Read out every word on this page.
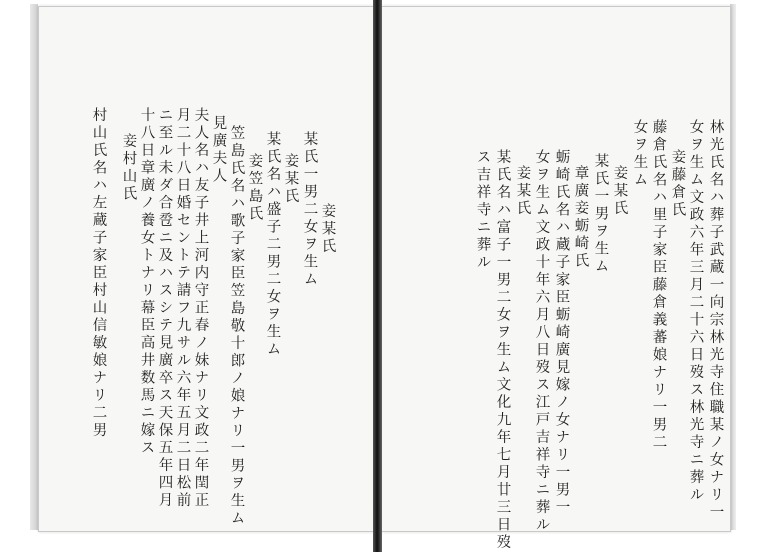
妾某氏
某氏一男二女ヲ生ム
妾某氏
某氏名ハ盛子二男二女ヲ生ム
妾笠島氏
笠島氏名ハ歌子家臣笠島敬十郎ノ娘ナリ一男ヲ生ム
見廣夫人
夫人名ハ友子井上河内守正春ノ妹ナリ文政二年閏正
月二十八日婚セントテ請フ九サル六年五月二日松前
ニ至ル未ダ合卺ニ及ハスシテ見廣卒ス天保五年四月
十八日章廣ノ養女トナリ幕臣高井数馬ニ嫁ス
妾村山氏
村山氏名ハ左蔵子家臣村山信敏娘ナリ二男	林光氏名ハ葬子武蔵一向宗林光寺住職某ノ女ナリ一
女ヲ生ム文政六年三月二十六日歿ス林光寺ニ葬ル
妾藤倉氏
藤倉氏名ハ里子家臣藤倉義蕃娘ナリ一男二
女ヲ生ム
妾某氏
某氏一男ヲ生ム
章廣妾蛎崎氏
蛎崎氏名ハ蔵子家臣蛎崎廣見嫁ノ女ナリ一男一
女ヲ生ム文政十年六月八日歿ス江戸吉祥寺ニ葬ル
妾某氏
某氏名ハ富子一男二女ヲ生ム文化九年七月廿三日歿
ス吉祥寺ニ葬ル
